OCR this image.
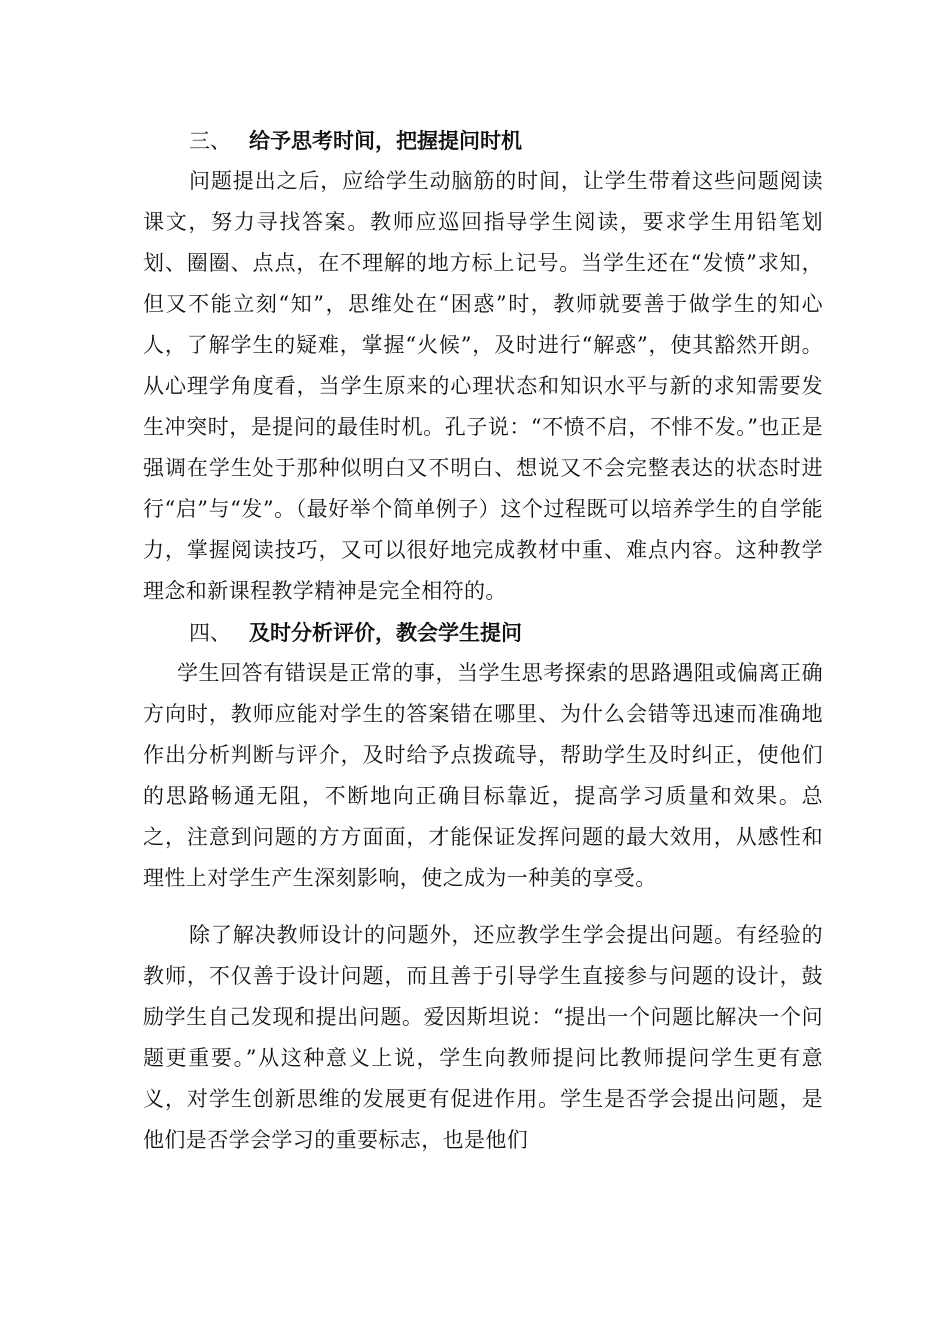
三、 给予思考时间，把握提问时机

问题提出之后，应给学生动脑筋的时间，让学生带着这些问题阅读课文，努力寻找答案。教师应巡回指导学生阅读，要求学生用铅笔划划、圈圈、点点，在不理解的地方标上记号。当学生还在“发愤”求知，但又不能立刻“知”，思维处在“困惑”时，教师就要善于做学生的知心人，了解学生的疑难，掌握“火候”，及时进行“解惑”，使其豁然开朗。从心理学角度看，当学生原来的心理状态和知识水平与新的求知需要发生冲突时，是提问的最佳时机。孔子说：“不愤不启，不悱不发。”也正是强调在学生处于那种似明白又不明白、想说又不会完整表达的状态时进行“启”与“发”。（最好举个简单例子）这个过程既可以培养学生的自学能力，掌握阅读技巧，又可以很好地完成教材中重、难点内容。这种教学理念和新课程教学精神是完全相符的。

四、 及时分析评价，教会学生提问

学生回答有错误是正常的事，当学生思考探索的思路遇阻或偏离正确方向时，教师应能对学生的答案错在哪里、为什么会错等迅速而准确地作出分析判断与评介，及时给予点拨疏导，帮助学生及时纠正，使他们的思路畅通无阻，不断地向正确目标靠近，提高学习质量和效果。总之，注意到问题的方方面面，才能保证发挥问题的最大效用，从感性和理性上对学生产生深刻影响，使之成为一种美的享受。

除了解决教师设计的问题外，还应教学生学会提出问题。有经验的教师，不仅善于设计问题，而且善于引导学生直接参与问题的设计，鼓励学生自己发现和提出问题。爱因斯坦说：“提出一个问题比解决一个问题更重要。”从这种意义上说，学生向教师提问比教师提问学生更有意义，对学生创新思维的发展更有促进作用。学生是否学会提出问题，是他们是否学会学习的重要标志，也是他们
